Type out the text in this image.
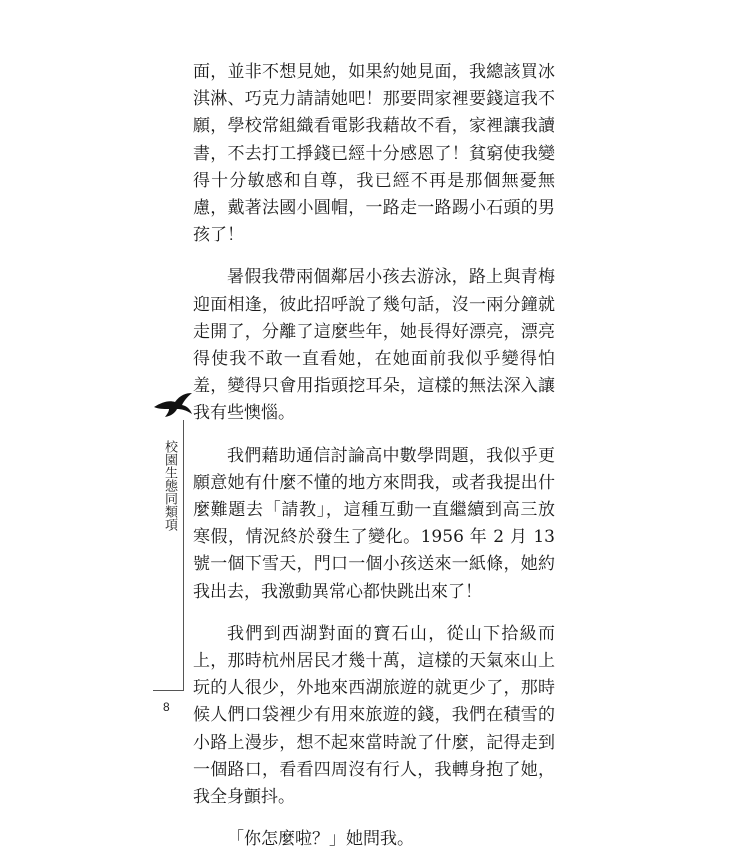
面，並非不想見她，如果約她見面，我總該買冰淇淋、巧克力請請她吧！那要問家裡要錢這我不願，學校常組織看電影我藉故不看，家裡讓我讀書，不去打工掙錢已經十分感恩了！貧窮使我變得十分敏感和自尊，我已經不再是那個無憂無慮，戴著法國小圓帽，一路走一路踢小石頭的男孩了！

暑假我帶兩個鄰居小孩去游泳，路上與青梅迎面相逢，彼此招呼說了幾句話，沒一兩分鐘就走開了，分離了這麼些年，她長得好漂亮，漂亮得使我不敢一直看她，在她面前我似乎變得怕羞，變得只會用指頭挖耳朵，這樣的無法深入讓我有些懊惱。

我們藉助通信討論高中數學問題，我似乎更願意她有什麼不懂的地方來問我，或者我提出什麼難題去「請教」，這種互動一直繼續到高三放寒假，情況終於發生了變化。1956 年 2 月 13 號一個下雪天，門口一個小孩送來一紙條，她約我出去，我激動異常心都快跳出來了！

我們到西湖對面的寶石山，從山下拾級而上，那時杭州居民才幾十萬，這樣的天氣來山上玩的人很少，外地來西湖旅遊的就更少了，那時候人們口袋裡少有用來旅遊的錢，我們在積雪的小路上漫步，想不起來當時說了什麼，記得走到一個路口，看看四周沒有行人，我轉身抱了她，我全身顫抖。

「你怎麼啦？」她問我。

校園生態同類項
8
